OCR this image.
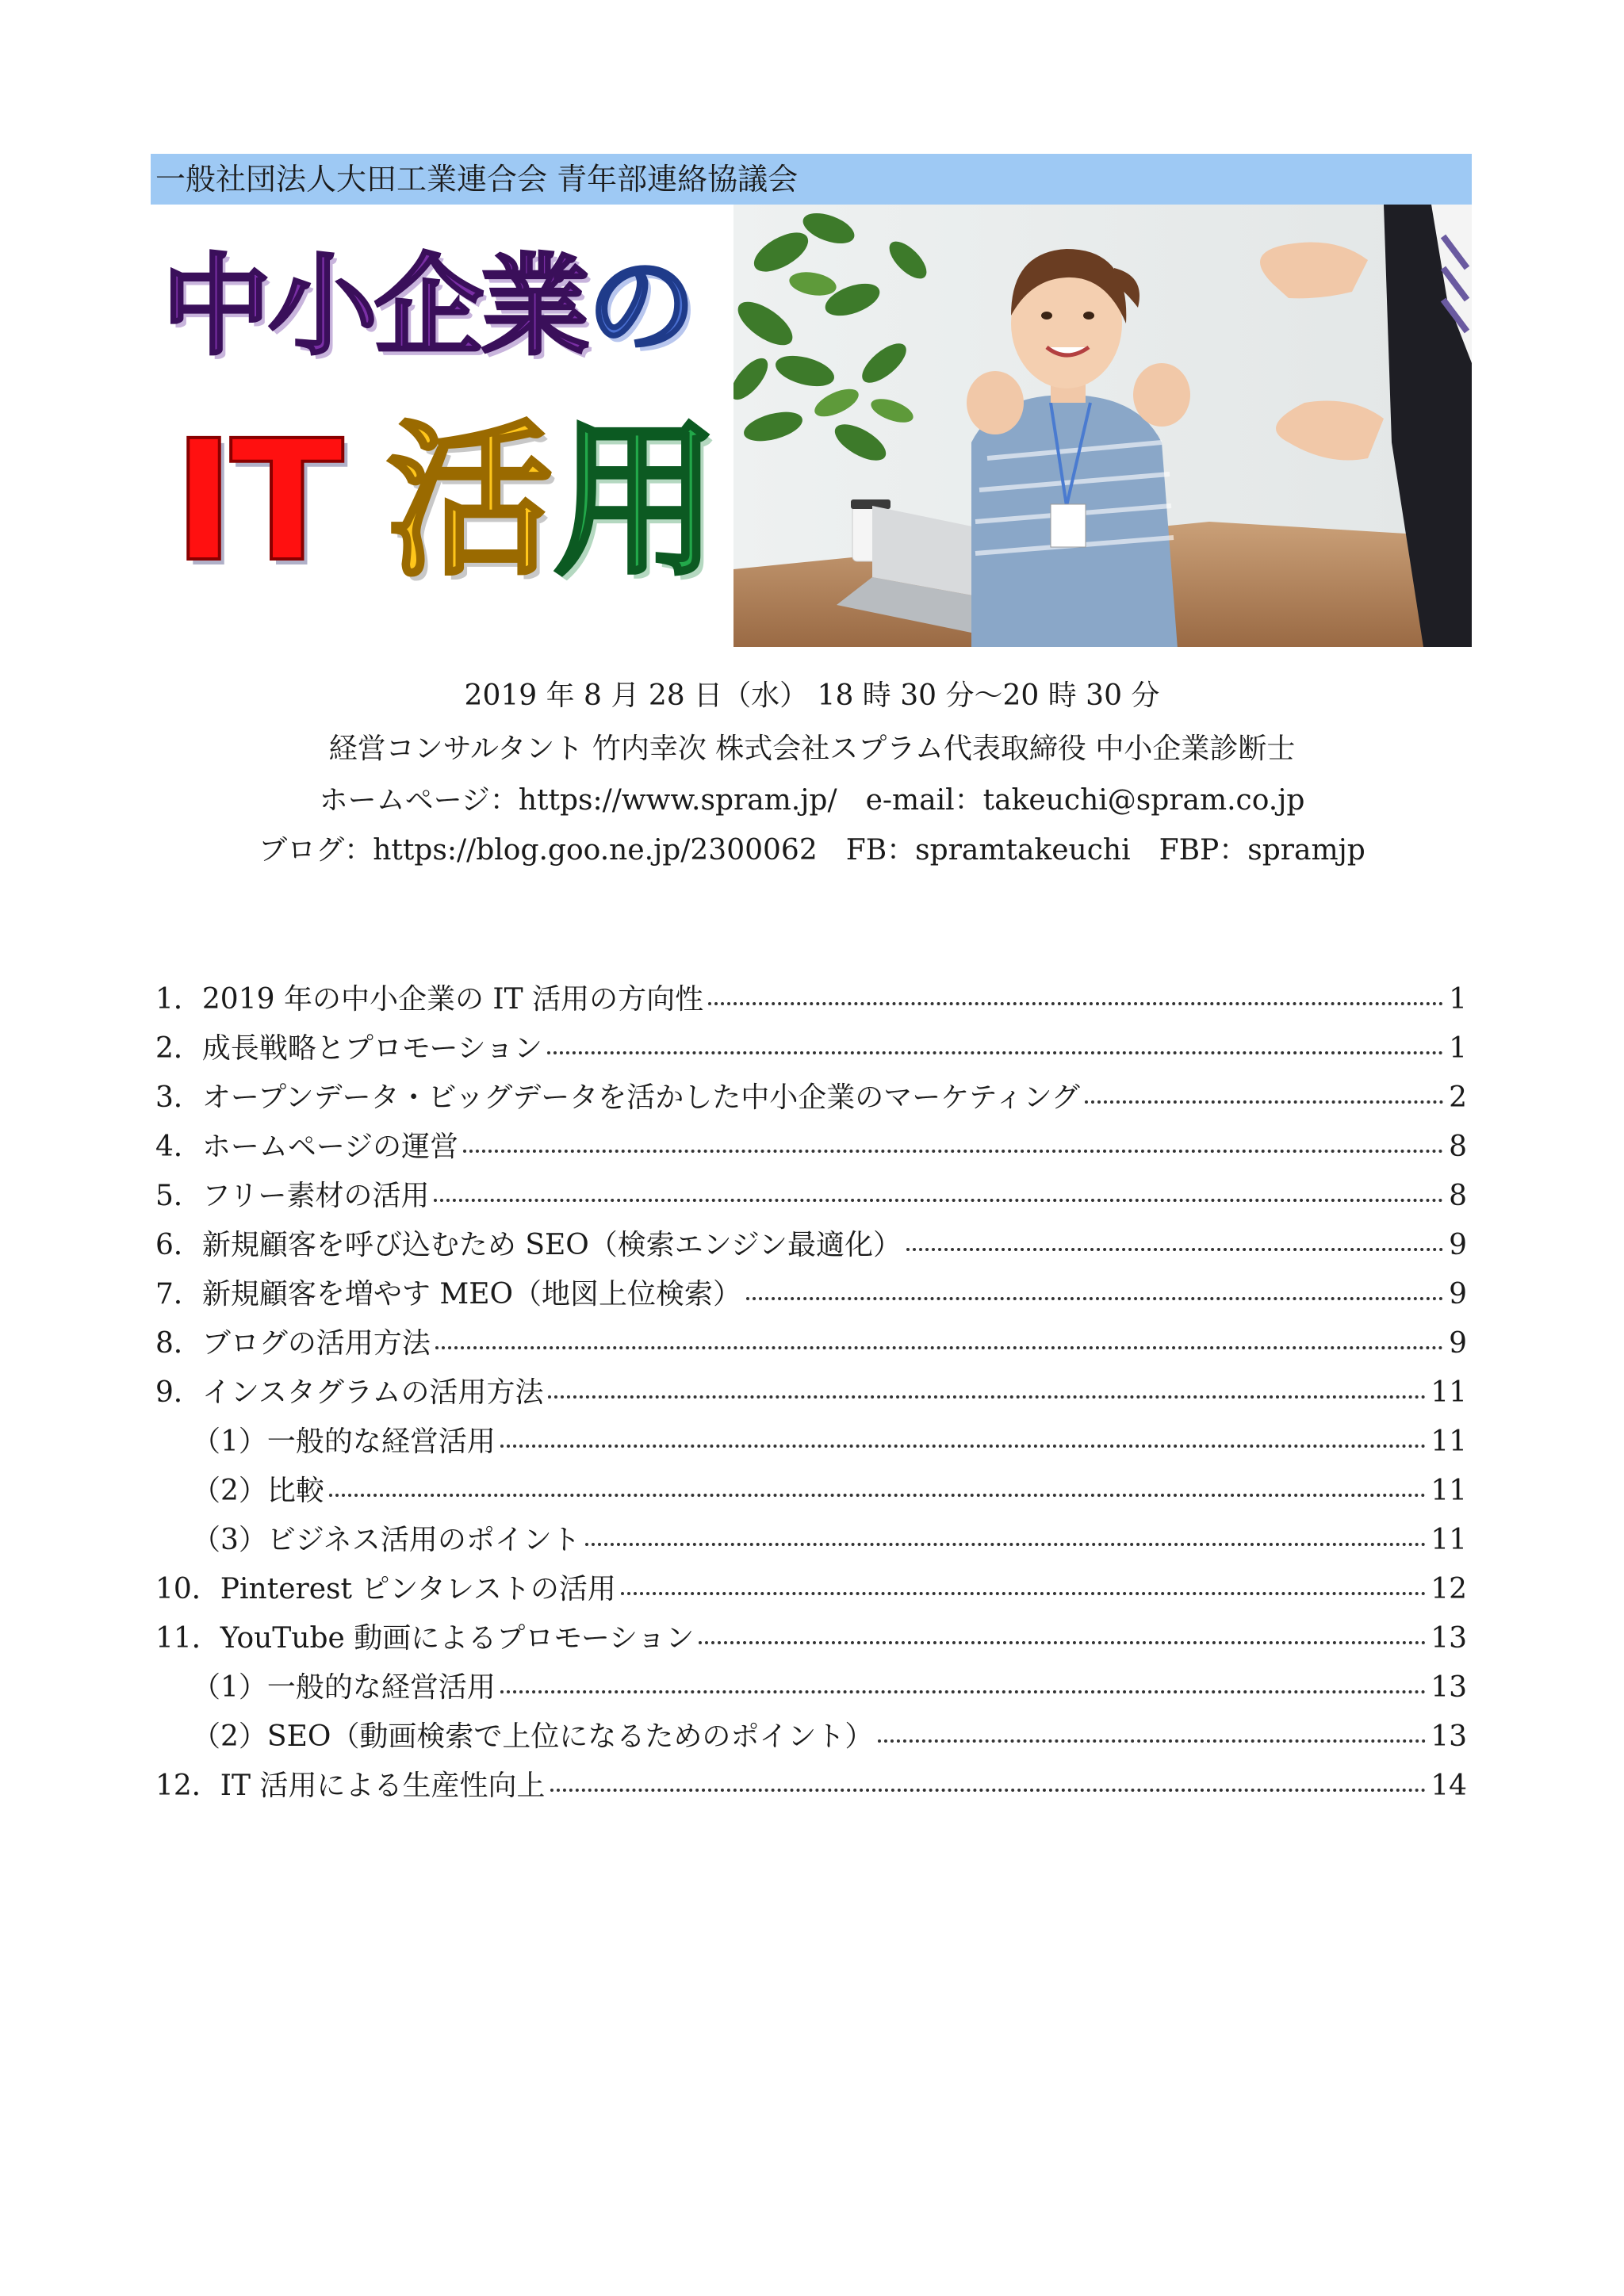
一般社団法人大田工業連合会 青年部連絡協議会
中小企業の
IT 活用
2019 年 8 月 28 日（水） 18 時 30 分～20 時 30 分
経営コンサルタント 竹内幸次 株式会社スプラム代表取締役 中小企業診断士
ホームページ：https://www.spram.jp/　e-mail：takeuchi@spram.co.jp
ブログ：https://blog.goo.ne.jp/2300062　FB：spramtakeuchi　FBP：spramjp
1．2019 年の中小企業の IT 活用の方向性	1
2．成長戦略とプロモーション	1
3．オープンデータ・ビッグデータを活かした中小企業のマーケティング	2
4．ホームページの運営	8
5．フリー素材の活用	8
6．新規顧客を呼び込むため SEO（検索エンジン最適化）	9
7．新規顧客を増やす MEO（地図上位検索）	9
8．ブログの活用方法	9
9．インスタグラムの活用方法	11
（1）一般的な経営活用	11
（2）比較	11
（3）ビジネス活用のポイント	11
10．Pinterest ピンタレストの活用	12
11．YouTube 動画によるプロモーション	13
（1）一般的な経営活用	13
（2）SEO（動画検索で上位になるためのポイント）	13
12．IT 活用による生産性向上	14
